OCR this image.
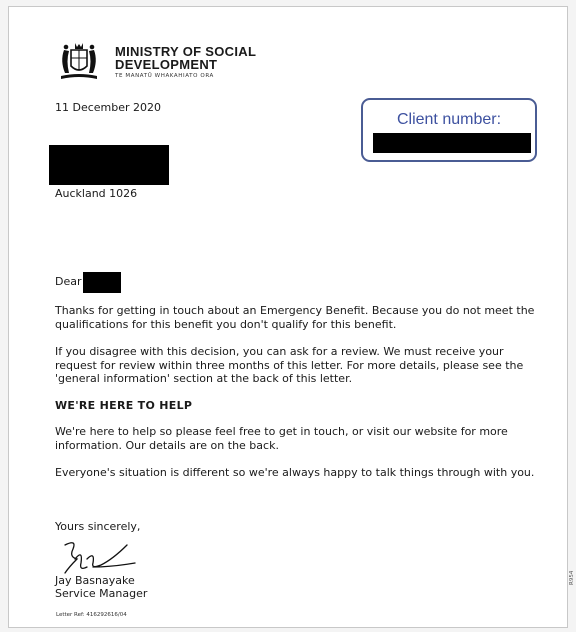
MINISTRY OF SOCIAL
DEVELOPMENT
TE MANATŪ WHAKAHIATO ORA
11 December 2020
Client number:
Auckland 1026
Dear
Thanks for getting in touch about an Emergency Benefit. Because you do not meet the qualifications for this benefit you don't qualify for this benefit.
If you disagree with this decision, you can ask for a review. We must receive your request for review within three months of this letter. For more details, please see the 'general information' section at the back of this letter.
WE'RE HERE TO HELP
We're here to help so please feel free to get in touch, or visit our website for more information. Our details are on the back.
Everyone's situation is different so we're always happy to talk things through with you.
Yours sincerely,
Jay Basnayake
Service Manager
Letter Ref: 416292616/04
R954
